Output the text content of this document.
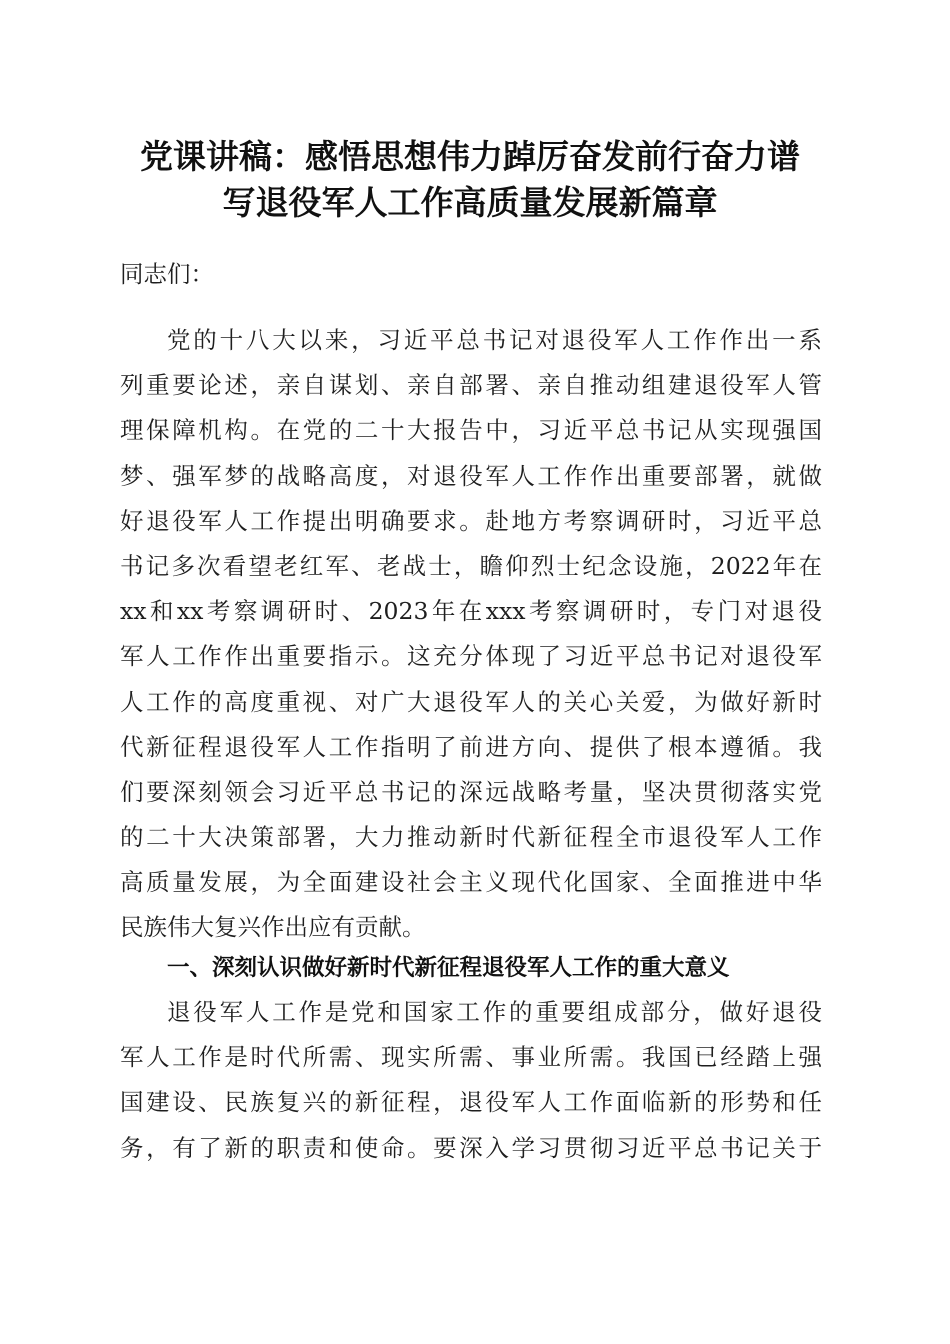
党课讲稿：感悟思想伟力踔厉奋发前行奋力谱
写退役军人工作高质量发展新篇章

同志们：

党的十八大以来，习近平总书记对退役军人工作作出一系
列重要论述，亲自谋划、亲自部署、亲自推动组建退役军人管
理保障机构。在党的二十大报告中，习近平总书记从实现强国
梦、强军梦的战略高度，对退役军人工作作出重要部署，就做
好退役军人工作提出明确要求。赴地方考察调研时，习近平总
书记多次看望老红军、老战士，瞻仰烈士纪念设施，2022年在
xx和xx考察调研时、2023年在xxx考察调研时，专门对退役
军人工作作出重要指示。这充分体现了习近平总书记对退役军
人工作的高度重视、对广大退役军人的关心关爱，为做好新时
代新征程退役军人工作指明了前进方向、提供了根本遵循。我
们要深刻领会习近平总书记的深远战略考量，坚决贯彻落实党
的二十大决策部署，大力推动新时代新征程全市退役军人工作
高质量发展，为全面建设社会主义现代化国家、全面推进中华
民族伟大复兴作出应有贡献。
一、深刻认识做好新时代新征程退役军人工作的重大意义
退役军人工作是党和国家工作的重要组成部分，做好退役
军人工作是时代所需、现实所需、事业所需。我国已经踏上强
国建设、民族复兴的新征程，退役军人工作面临新的形势和任
务，有了新的职责和使命。要深入学习贯彻习近平总书记关于
